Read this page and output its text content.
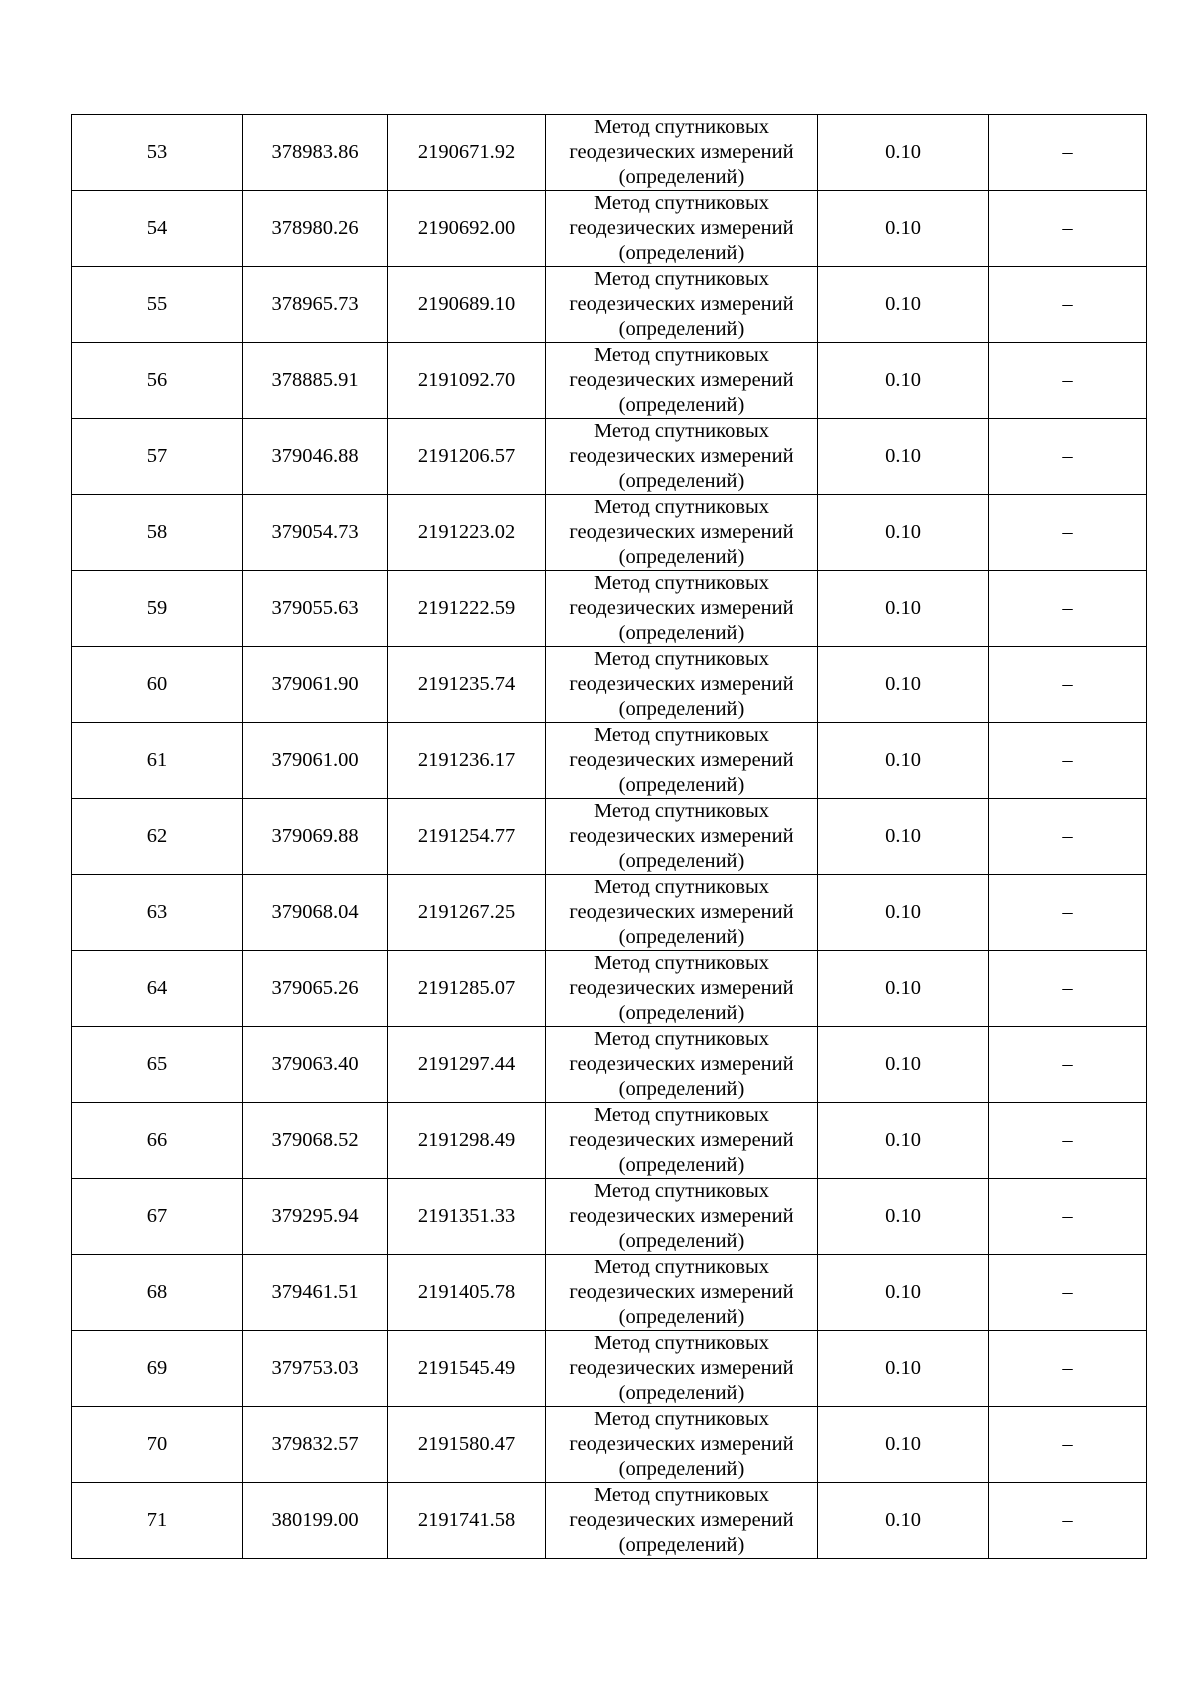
53	378983.86	2190671.92	Метод спутниковых
геодезических измерений
(определений)	0.10	–
54	378980.26	2190692.00	Метод спутниковых
геодезических измерений
(определений)	0.10	–
55	378965.73	2190689.10	Метод спутниковых
геодезических измерений
(определений)	0.10	–
56	378885.91	2191092.70	Метод спутниковых
геодезических измерений
(определений)	0.10	–
57	379046.88	2191206.57	Метод спутниковых
геодезических измерений
(определений)	0.10	–
58	379054.73	2191223.02	Метод спутниковых
геодезических измерений
(определений)	0.10	–
59	379055.63	2191222.59	Метод спутниковых
геодезических измерений
(определений)	0.10	–
60	379061.90	2191235.74	Метод спутниковых
геодезических измерений
(определений)	0.10	–
61	379061.00	2191236.17	Метод спутниковых
геодезических измерений
(определений)	0.10	–
62	379069.88	2191254.77	Метод спутниковых
геодезических измерений
(определений)	0.10	–
63	379068.04	2191267.25	Метод спутниковых
геодезических измерений
(определений)	0.10	–
64	379065.26	2191285.07	Метод спутниковых
геодезических измерений
(определений)	0.10	–
65	379063.40	2191297.44	Метод спутниковых
геодезических измерений
(определений)	0.10	–
66	379068.52	2191298.49	Метод спутниковых
геодезических измерений
(определений)	0.10	–
67	379295.94	2191351.33	Метод спутниковых
геодезических измерений
(определений)	0.10	–
68	379461.51	2191405.78	Метод спутниковых
геодезических измерений
(определений)	0.10	–
69	379753.03	2191545.49	Метод спутниковых
геодезических измерений
(определений)	0.10	–
70	379832.57	2191580.47	Метод спутниковых
геодезических измерений
(определений)	0.10	–
71	380199.00	2191741.58	Метод спутниковых
геодезических измерений
(определений)	0.10	–
